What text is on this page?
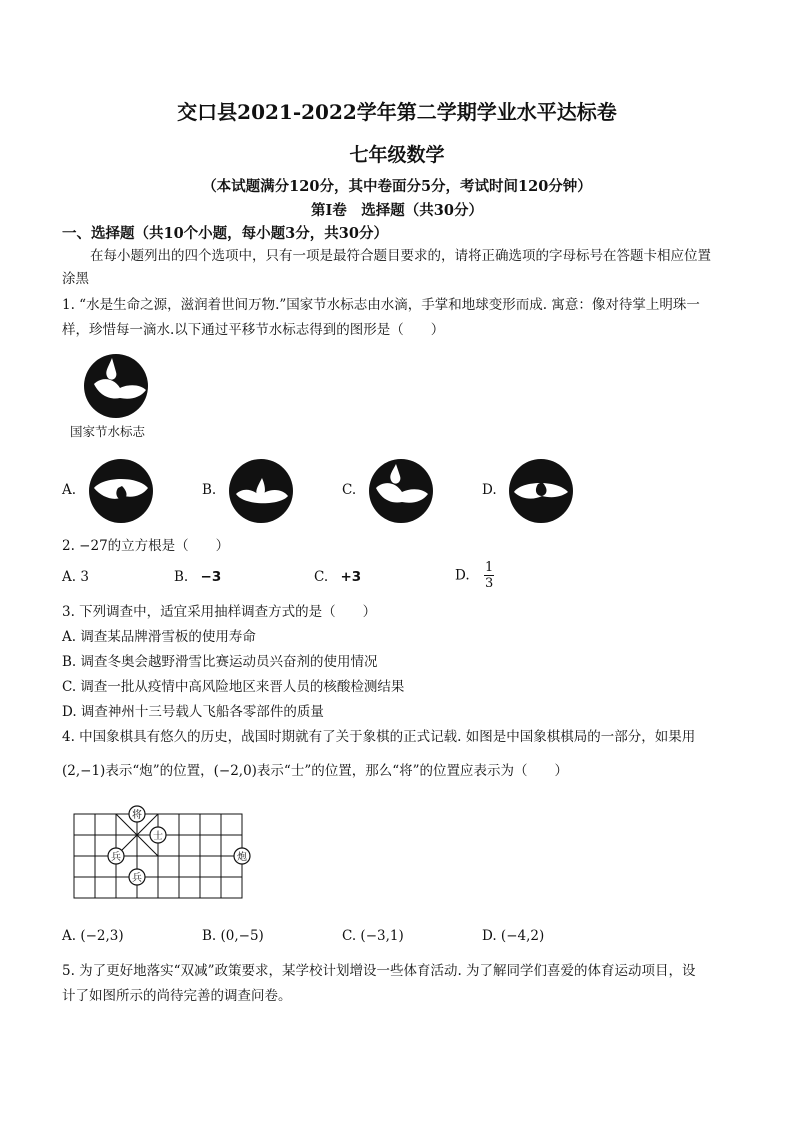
交口县2021-2022学年第二学期学业水平达标卷
七年级数学
（本试题满分120分，其中卷面分5分，考试时间120分钟）
第Ⅰ卷　选择题（共30分）
一、选择题（共10个小题，每小题3分，共30分）
在每小题列出的四个选项中，只有一项是最符合题目要求的，请将正确选项的字母标号在答题卡相应位置
涂黑
1. “水是生命之源，滋润着世间万物.”国家节水标志由水滴，手掌和地球变形而成. 寓意：像对待掌上明珠一
样，珍惜每一滴水.以下通过平移节水标志得到的图形是（　　）
国家节水标志
A.	B.	C.	D.
2. −27的立方根是（　　）
A. 3	B. −3	C. +3	D. $\frac{1}{3}$
3. 下列调查中，适宜采用抽样调查方式的是（　　）
A. 调查某品牌滑雪板的使用寿命
B. 调查冬奥会越野滑雪比赛运动员兴奋剂的使用情况
C. 调查一批从疫情中高风险地区来晋人员的核酸检测结果
D. 调查神州十三号载人飞船各零部件的质量
4. 中国象棋具有悠久的历史，战国时期就有了关于象棋的正式记载. 如图是中国象棋棋局的一部分，如果用
(2,−1)表示“炮”的位置，(−2,0)表示“士”的位置，那么“将”的位置应表示为（　　）
将
士
兵
兵
炮
A. (−2,3)	B. (0,−5)	C. (−3,1)	D. (−4,2)
5. 为了更好地落实“双减”政策要求，某学校计划增设一些体育活动. 为了解同学们喜爱的体育运动项目，设
计了如图所示的尚待完善的调查问卷。
